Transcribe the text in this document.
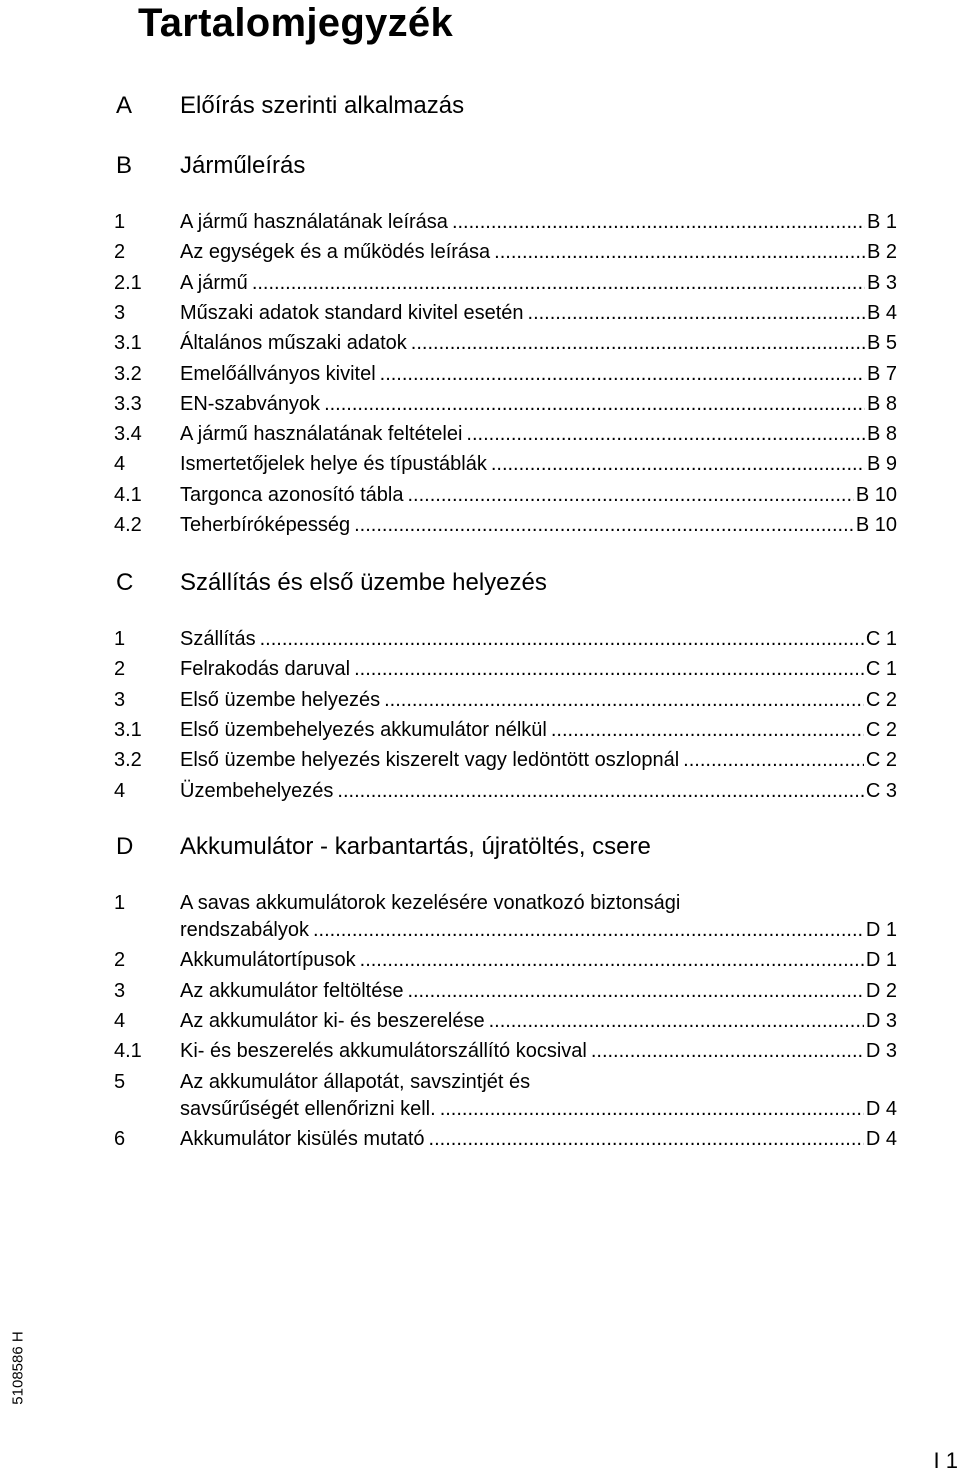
Tartalomjegyzék
A Előírás szerinti alkalmazás
B Járműleírás
1	A jármű használatának leírása .....	B 1
2	Az egységek és a működés leírása .....	B 2
2.1 A jármű .....	B 3
3	Műszaki adatok standard kivitel esetén .....	B 4
3.1 Általános műszaki adatok .....	B 5
3.2 Emelőállványos kivitel .....	B 7
3.3 EN-szabványok .....	B 8
3.4 A jármű használatának feltételei .....	B 8
4	Ismertetőjelek helye és típustáblák .....	B 9
4.1 Targonca azonosító tábla .....	B 10
4.2 Teherbíróképesség .....	B 10
C Szállítás és első üzembe helyezés
1	Szállítás .....	C 1
2	Felrakodás daruval .....	C 1
3	Első üzembe helyezés .....	C 2
3.1 Első üzembehelyezés akkumulátor nélkül .....	C 2
3.2 Első üzembe helyezés kiszerelt vagy ledöntött oszlopnál .....	C 2
4	Üzembehelyezés .....	C 3
D Akkumulátor - karbantartás, újratöltés, csere
1	A savas akkumulátorok kezelésére vonatkozó biztonsági
rendszabályok .....	D 1
2	Akkumulátortípusok .....	D 1
3	Az akkumulátor feltöltése .....	D 2
4	Az akkumulátor ki- és beszerelése .....	D 3
4.1 Ki- és beszerelés akkumulátorszállító kocsival .....	D 3
5	Az akkumulátor állapotát, savszintjét és
savsűrűségét ellenőrizni kell. .....	D 4
6	Akkumulátor kisülés mutató .....	D 4
5108586 H
I 1
